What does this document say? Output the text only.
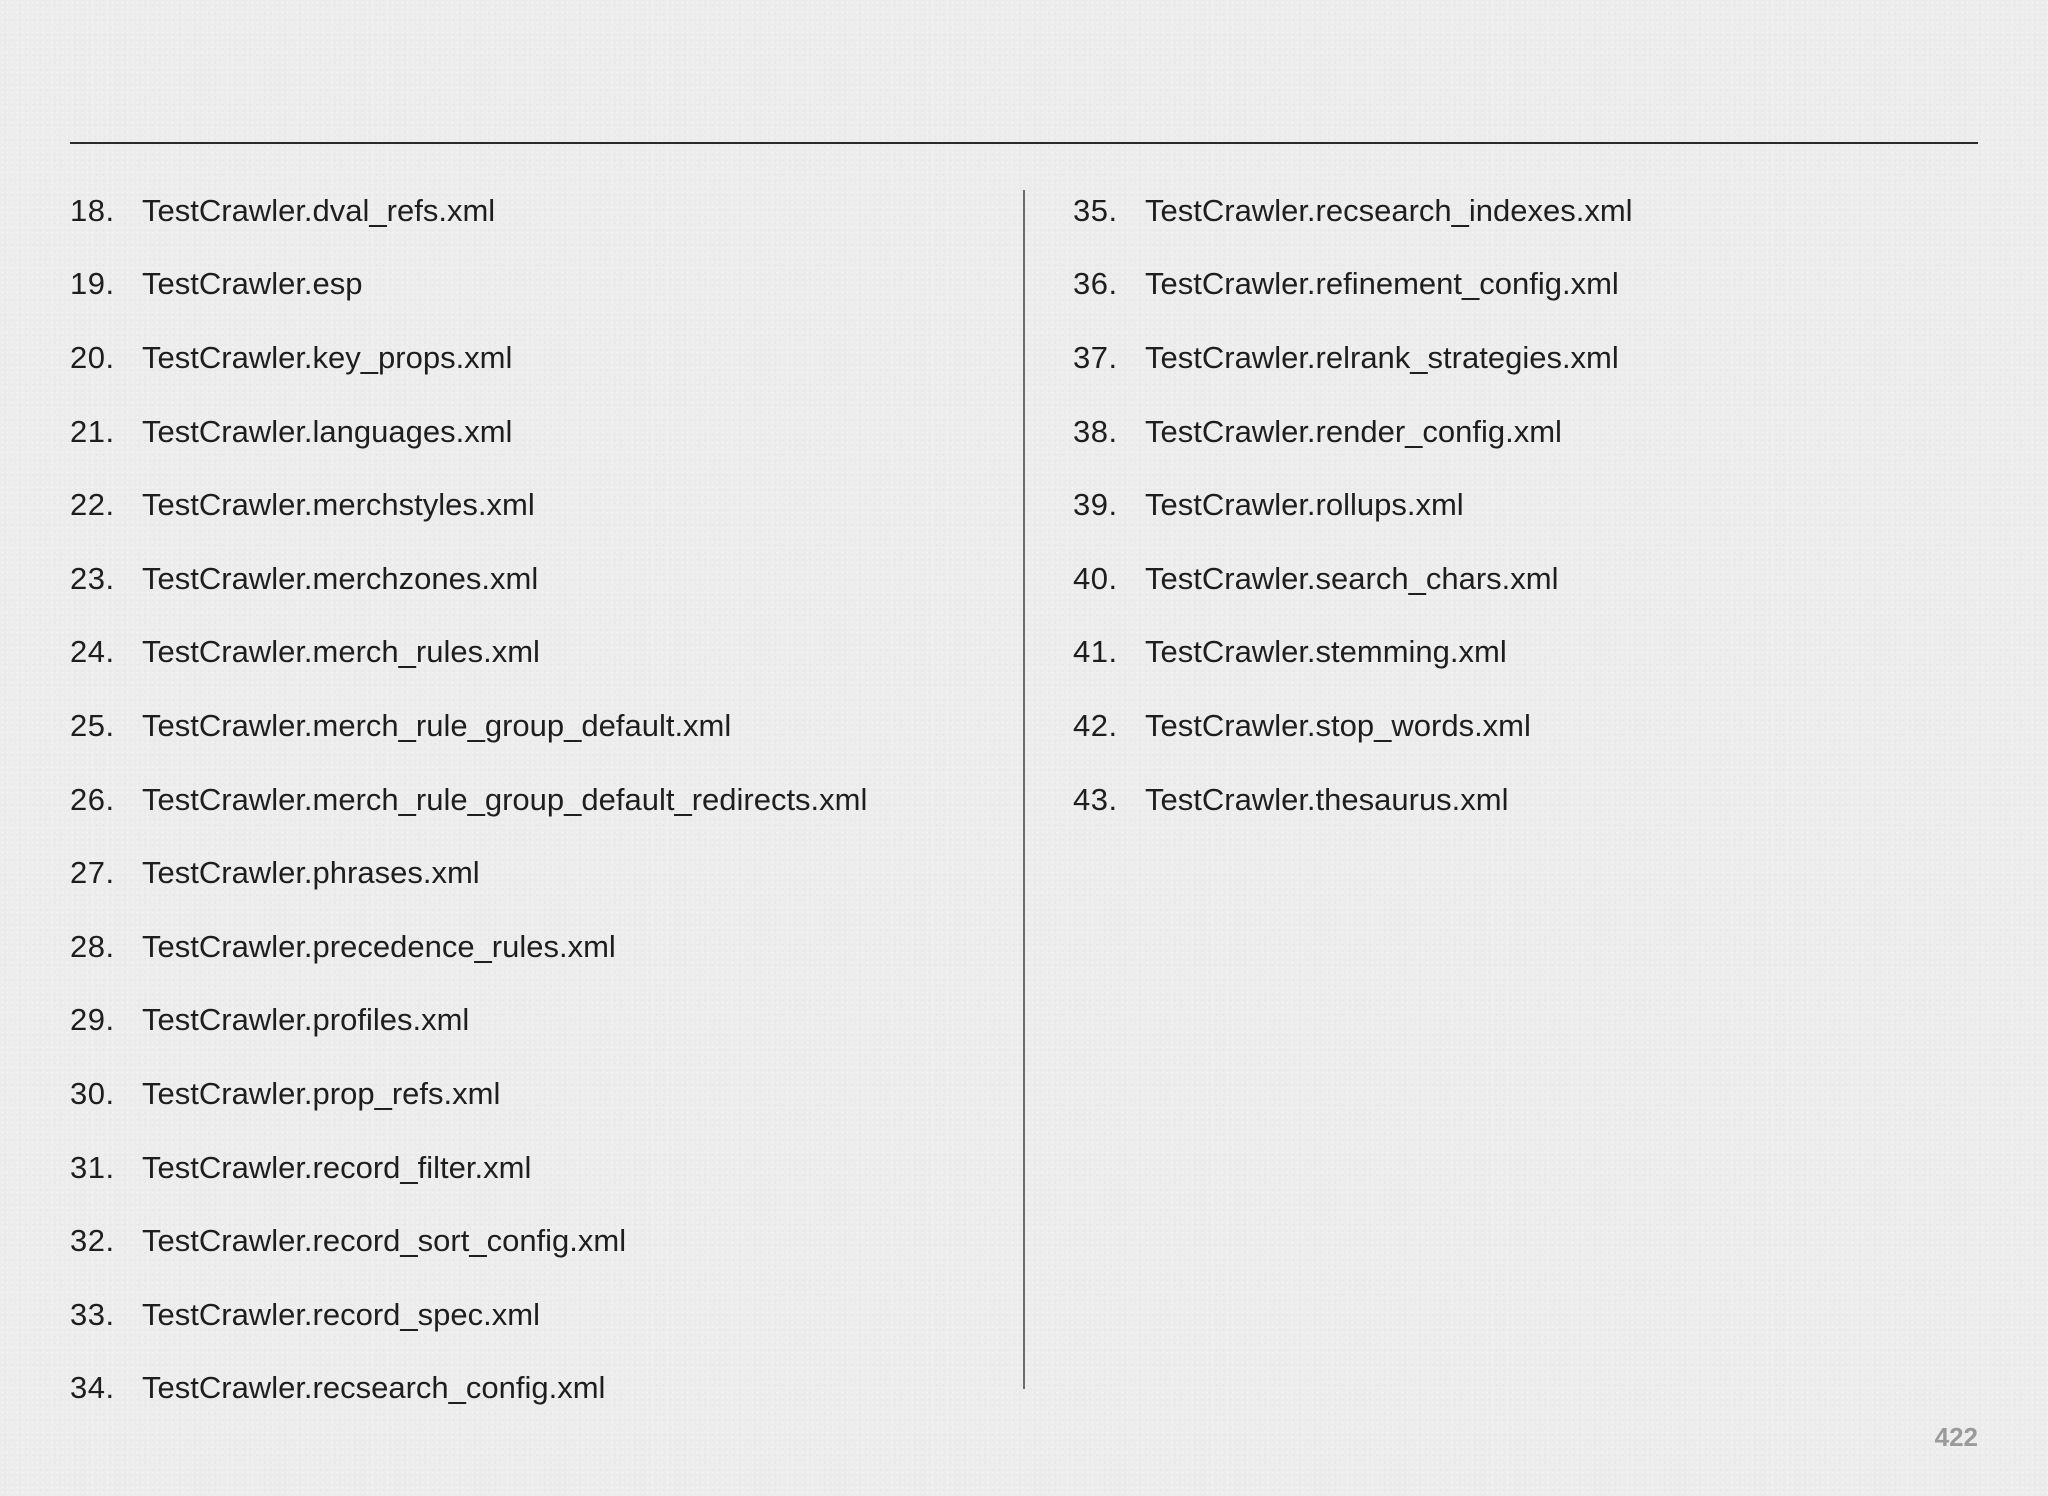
18. TestCrawler.dval_refs.xml
19. TestCrawler.esp
20. TestCrawler.key_props.xml
21. TestCrawler.languages.xml
22. TestCrawler.merchstyles.xml
23. TestCrawler.merchzones.xml
24. TestCrawler.merch_rules.xml
25. TestCrawler.merch_rule_group_default.xml
26. TestCrawler.merch_rule_group_default_redirects.xml
27. TestCrawler.phrases.xml
28. TestCrawler.precedence_rules.xml
29. TestCrawler.profiles.xml
30. TestCrawler.prop_refs.xml
31. TestCrawler.record_filter.xml
32. TestCrawler.record_sort_config.xml
33. TestCrawler.record_spec.xml
34. TestCrawler.recsearch_config.xml
35. TestCrawler.recsearch_indexes.xml
36. TestCrawler.refinement_config.xml
37. TestCrawler.relrank_strategies.xml
38. TestCrawler.render_config.xml
39. TestCrawler.rollups.xml
40. TestCrawler.search_chars.xml
41. TestCrawler.stemming.xml
42. TestCrawler.stop_words.xml
43. TestCrawler.thesaurus.xml
422
